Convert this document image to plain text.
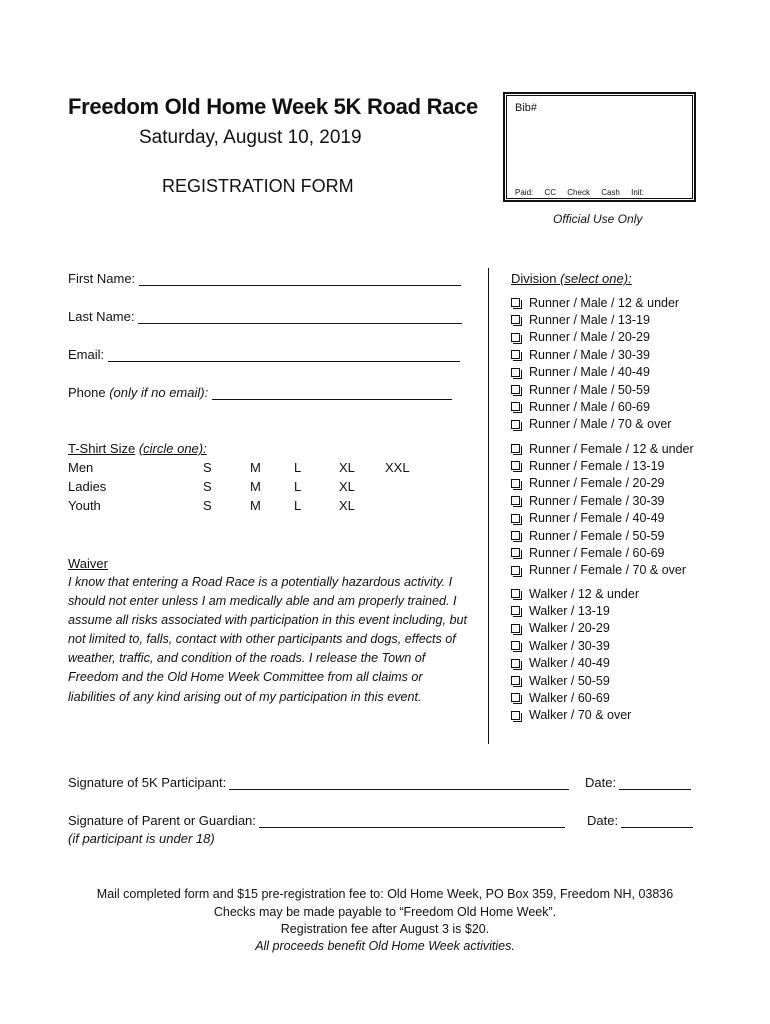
Freedom Old Home Week 5K Road Race
Saturday, August 10, 2019
REGISTRATION FORM
Bib#
Paid: CC Check Cash Init:
Official Use Only
First Name:
Last Name:
Email:
Phone
(only if no email):
T-Shirt Size (circle one):
Men	S	M	L	XL XXL
Ladies	S	M	L	XL
Youth	S	M	L	XL
Waiver
I know that entering a Road Race is a potentially hazardous activity. I should not enter unless I am medically able and am properly trained. I assume all risks associated with participation in this event including, but not limited to, falls, contact with other participants and dogs, effects of weather, traffic, and condition of the roads. I release the Town of Freedom and the Old Home Week Committee from all claims or liabilities of any kind arising out of my participation in this event.
Division (select one):
Runner / Male / 12 & under
Runner / Male / 13-19
Runner / Male / 20-29
Runner / Male / 30-39
Runner / Male / 40-49
Runner / Male / 50-59
Runner / Male / 60-69
Runner / Male / 70 & over
Runner / Female / 12 & under
Runner / Female / 13-19
Runner / Female / 20-29
Runner / Female / 30-39
Runner / Female / 40-49
Runner / Female / 50-59
Runner / Female / 60-69
Runner / Female / 70 & over
Walker / 12 & under
Walker / 13-19
Walker / 20-29
Walker / 30-39
Walker / 40-49
Walker / 50-59
Walker / 60-69
Walker / 70 & over
Signature of 5K Participant:	Date:
Signature of Parent or Guardian:	Date:
(if participant is under 18)
Mail completed form and $15 pre-registration fee to: Old Home Week, PO Box 359, Freedom NH, 03836
Checks may be made payable to “Freedom Old Home Week”.
Registration fee after August 3 is $20.
All proceeds benefit Old Home Week activities.
